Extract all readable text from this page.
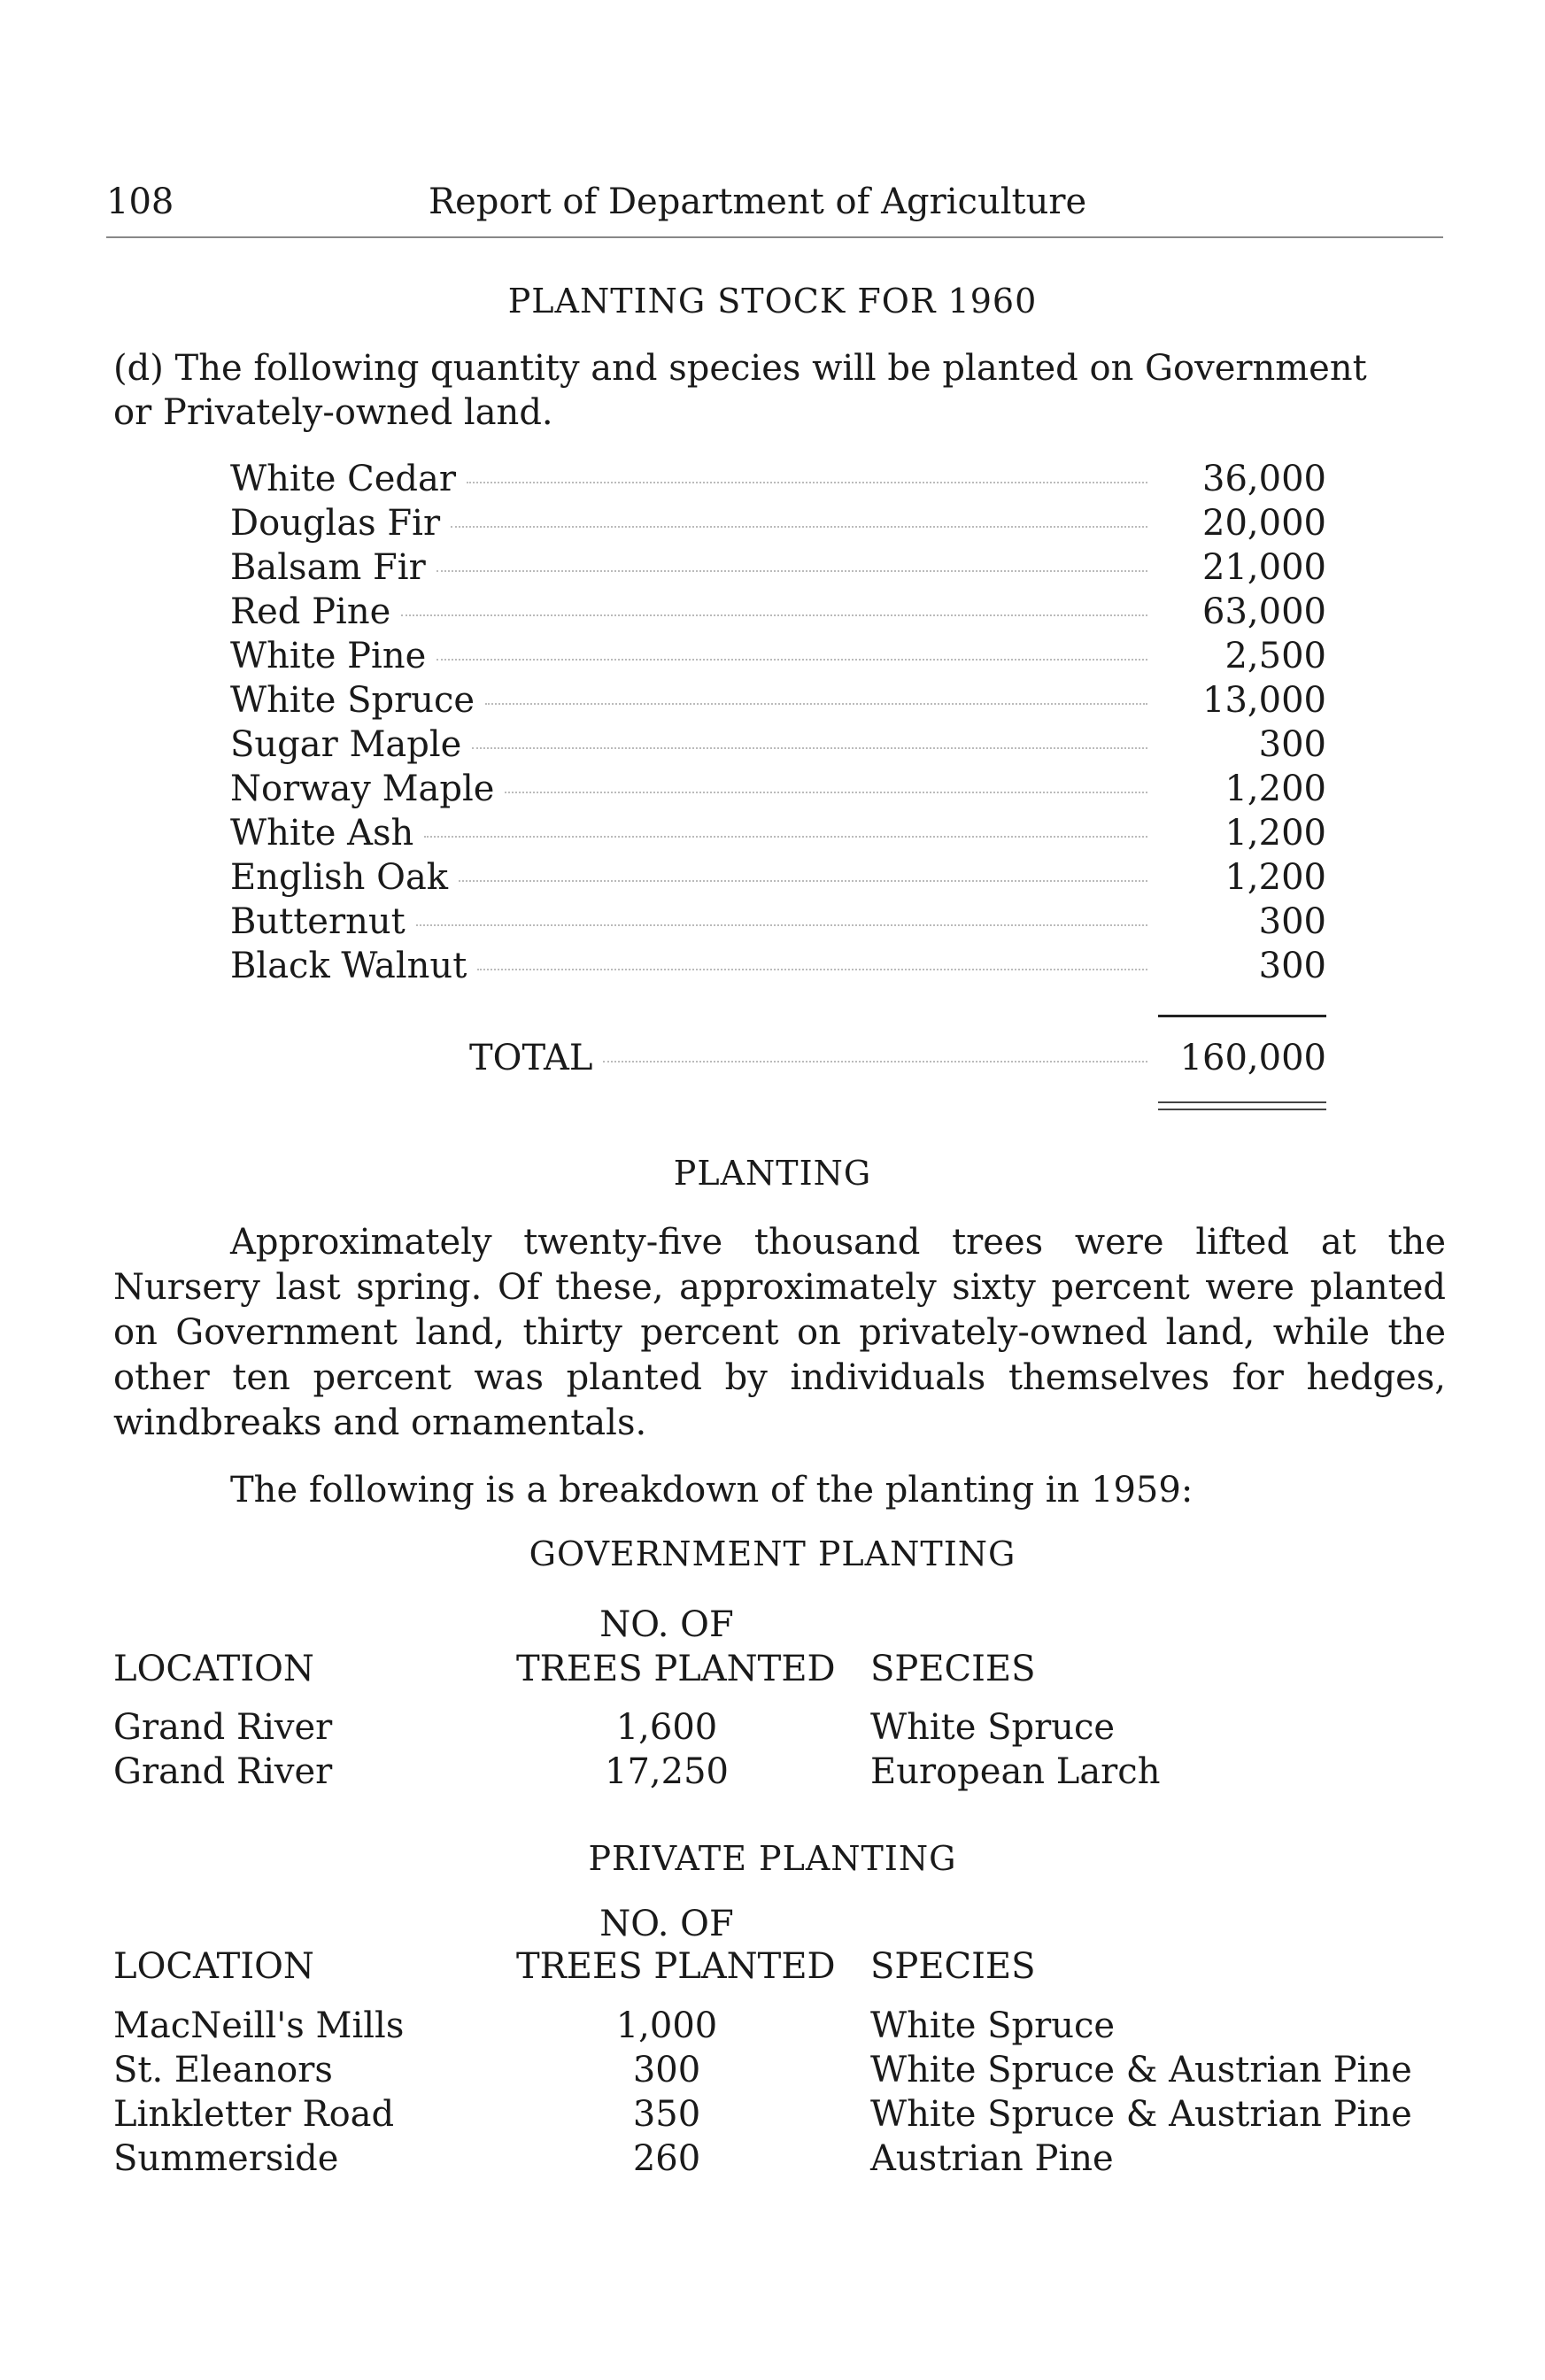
108	Report of Department of Agriculture
PLANTING STOCK FOR 1960
(d) The following quantity and species will be planted on Government
or Privately-owned land.
White Cedar	36,000
Douglas Fir	20,000
Balsam Fir	21,000
Red Pine	63,000
White Pine	2,500
White Spruce	13,000
Sugar Maple	300
Norway Maple	1,200
White Ash	1,200
English Oak	1,200
Butternut	300
Black Walnut	300
TOTAL	160,000
PLANTING
Approximately twenty-five thousand trees were lifted at the Nursery last spring. Of these, approximately sixty percent were planted on Government land, thirty percent on privately-owned land, while the other ten percent was planted by individuals themselves for hedges, windbreaks and ornamentals.
The following is a breakdown of the planting in 1959:
GOVERNMENT PLANTING
NO. OF
LOCATION	TREES PLANTED SPECIES
Grand River	1,600	White Spruce
Grand River	17,250	European Larch
PRIVATE PLANTING
NO. OF
LOCATION	TREES PLANTED SPECIES
MacNeill's Mills	1,000	White Spruce
St. Eleanors	300	White Spruce & Austrian Pine
Linkletter Road	350	White Spruce & Austrian Pine
Summerside	260	Austrian Pine
